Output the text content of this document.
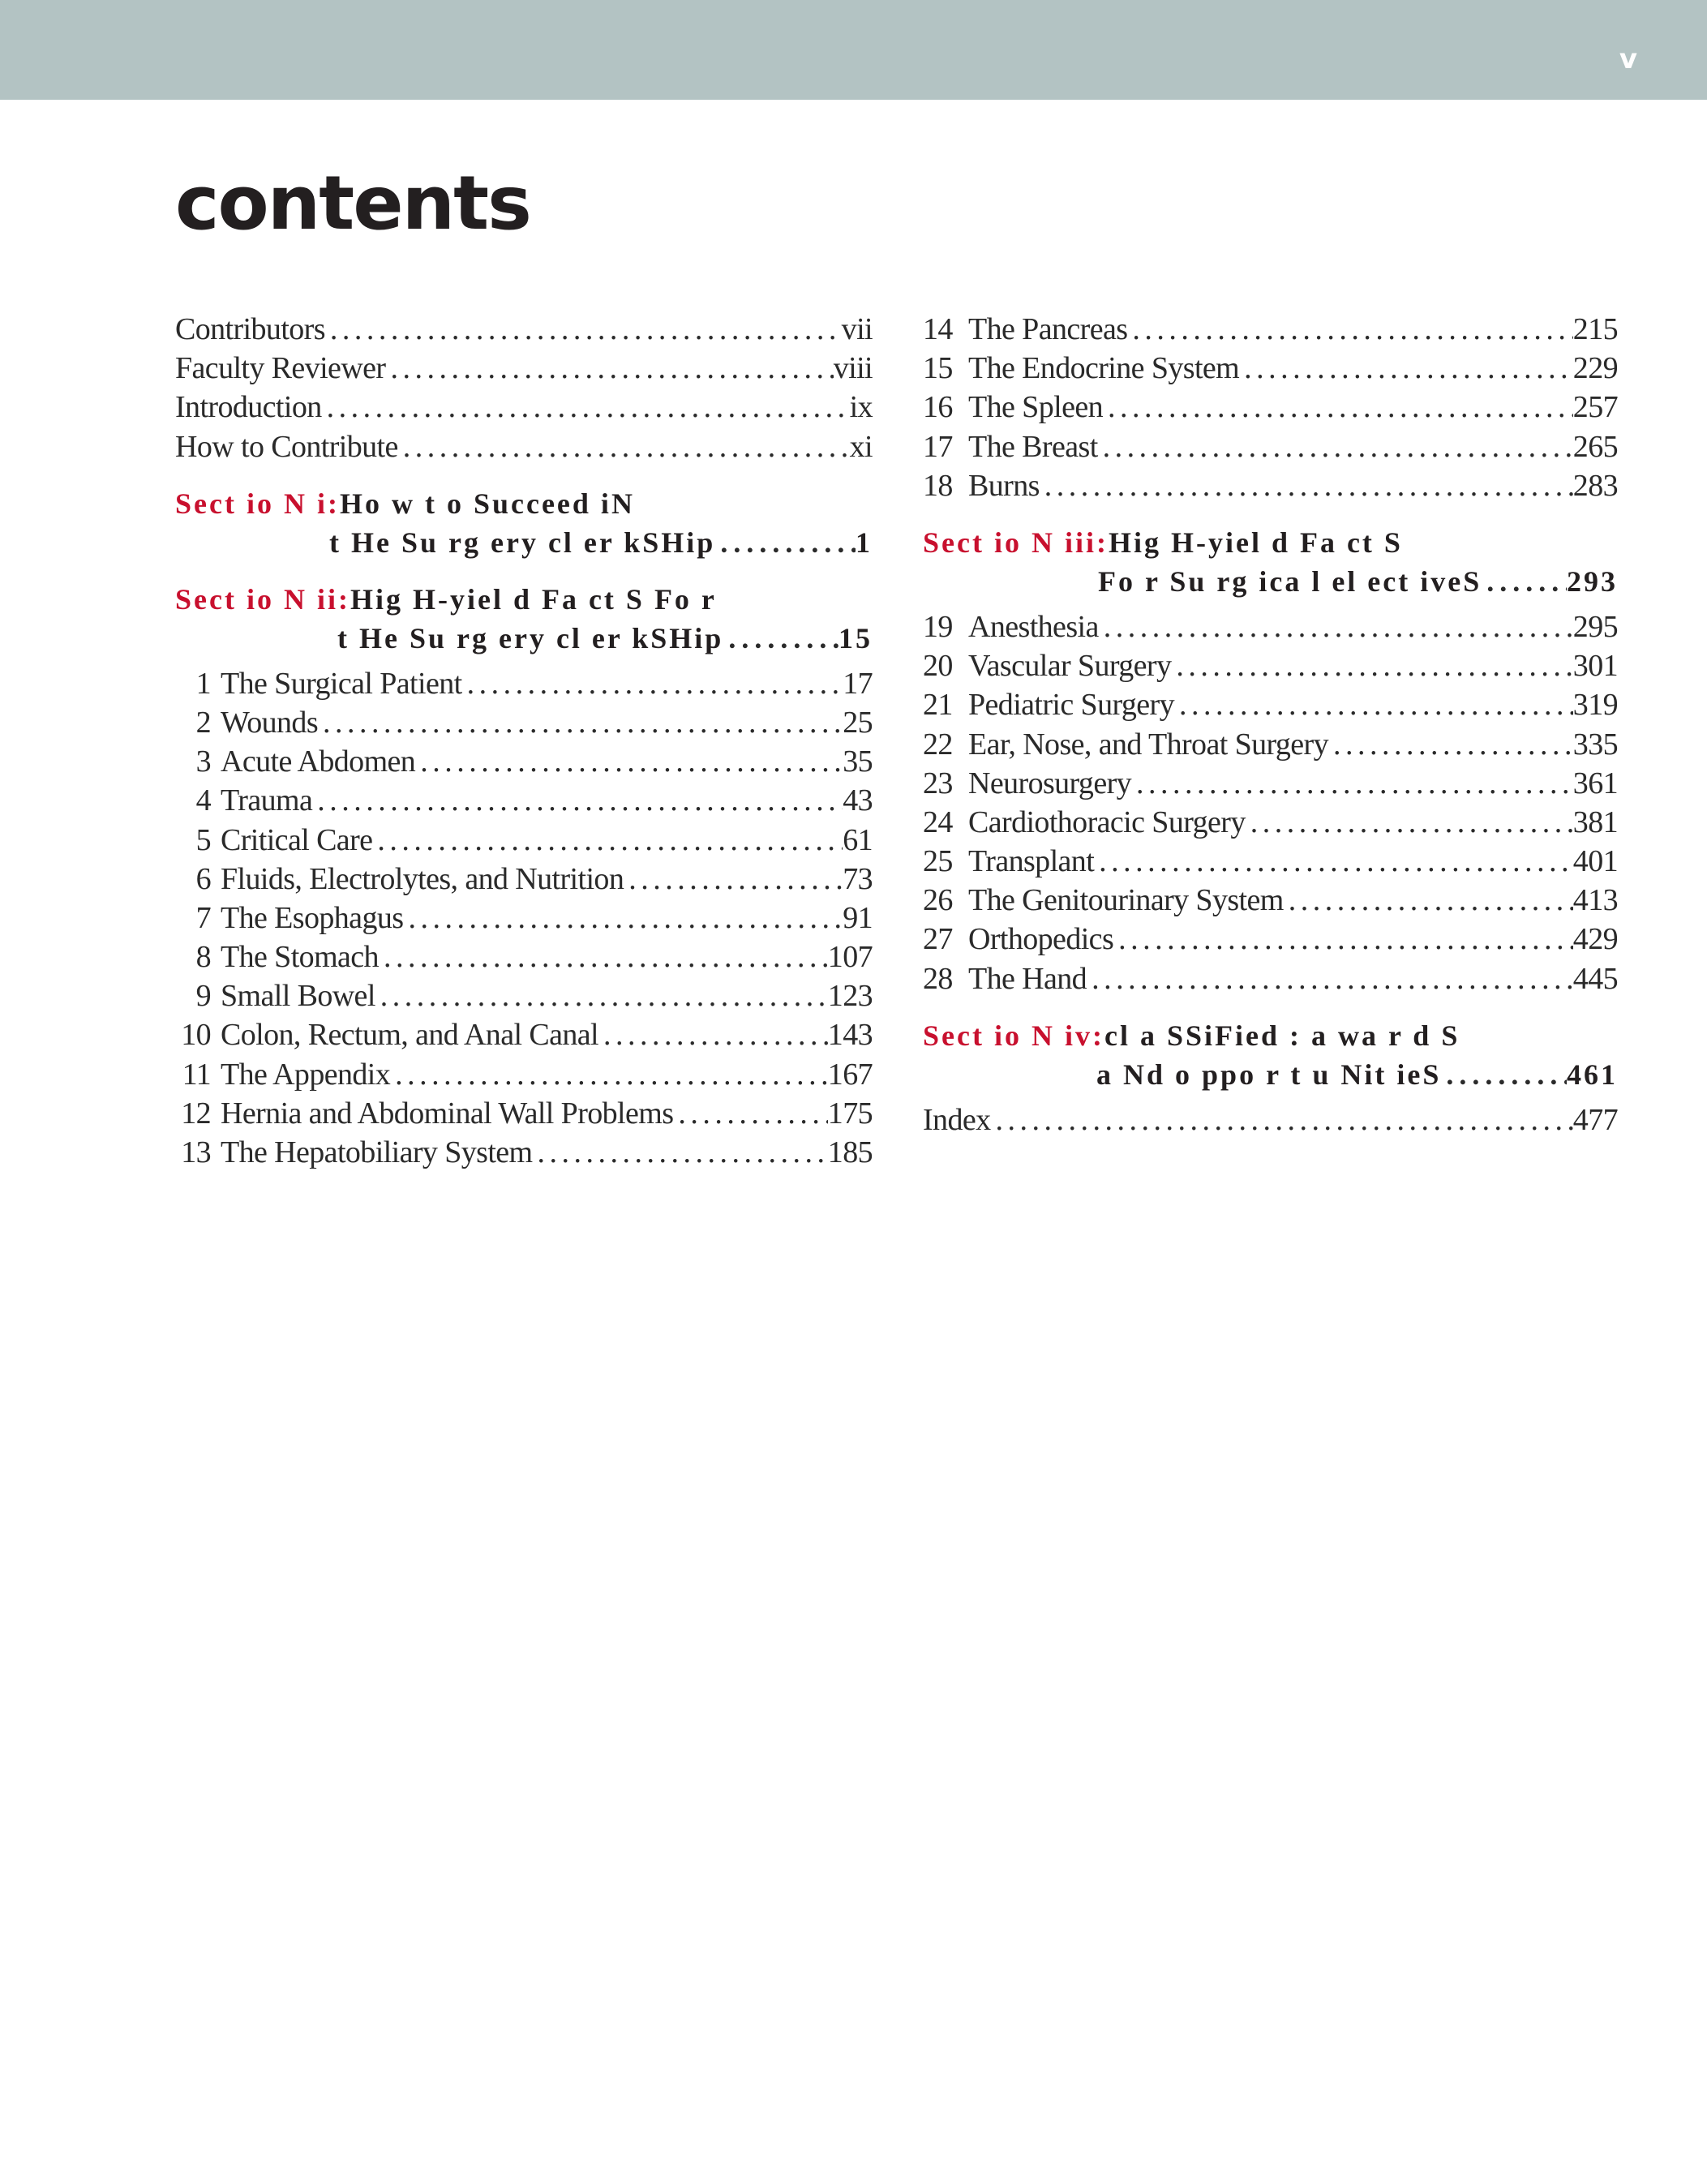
v
contents
Contributors . . .	vii
Faculty Reviewer . . .	viii
Introduction . . .	ix
How to Contribute . . .	xi
Sect io N i:Ho w t o Succeed iN
t He Su rg ery cl er kSHip . . .	1
Sect io N ii:Hig H-yiel d Fa ct S Fo r
t He Su rg ery cl er kSHip . . .	15
1 The Surgical Patient . . .	17
2 Wounds . . .	25
3 Acute Abdomen . . .	35
4 Trauma . . .	43
5 Critical Care . . .	61
6 Fluids, Electrolytes, and Nutrition . . .	73
7 The Esophagus . . .	91
8 The Stomach . . .	107
9 Small Bowel . . .	123
10 Colon, Rectum, and Anal Canal . . .	143
11 The Appendix . . .	167
12 Hernia and Abdominal Wall Problems . . .	175
13 The Hepatobiliary System . . .	185
14 The Pancreas . . .	215
15 The Endocrine System . . .	229
16 The Spleen . . .	257
17 The Breast . . .	265
18 Burns . . .	283
Sect io N iii:Hig H-yiel d Fa ct S
Fo r Su rg ica l el ect iveS . . .	293
19 Anesthesia . . .	295
20 Vascular Surgery . . .	301
21 Pediatric Surgery . . .	319
22 Ear, Nose, and Throat Surgery . . .	335
23 Neurosurgery . . .	361
24 Cardiothoracic Surgery . . .	381
25 Transplant . . .	401
26 The Genitourinary System . . .	413
27 Orthopedics . . .	429
28 The Hand . . .	445
Sect io N iv:cl a SSiFied : a wa r d S
a Nd o ppo r t u Nit ieS . . .	461
Index . . .	477
